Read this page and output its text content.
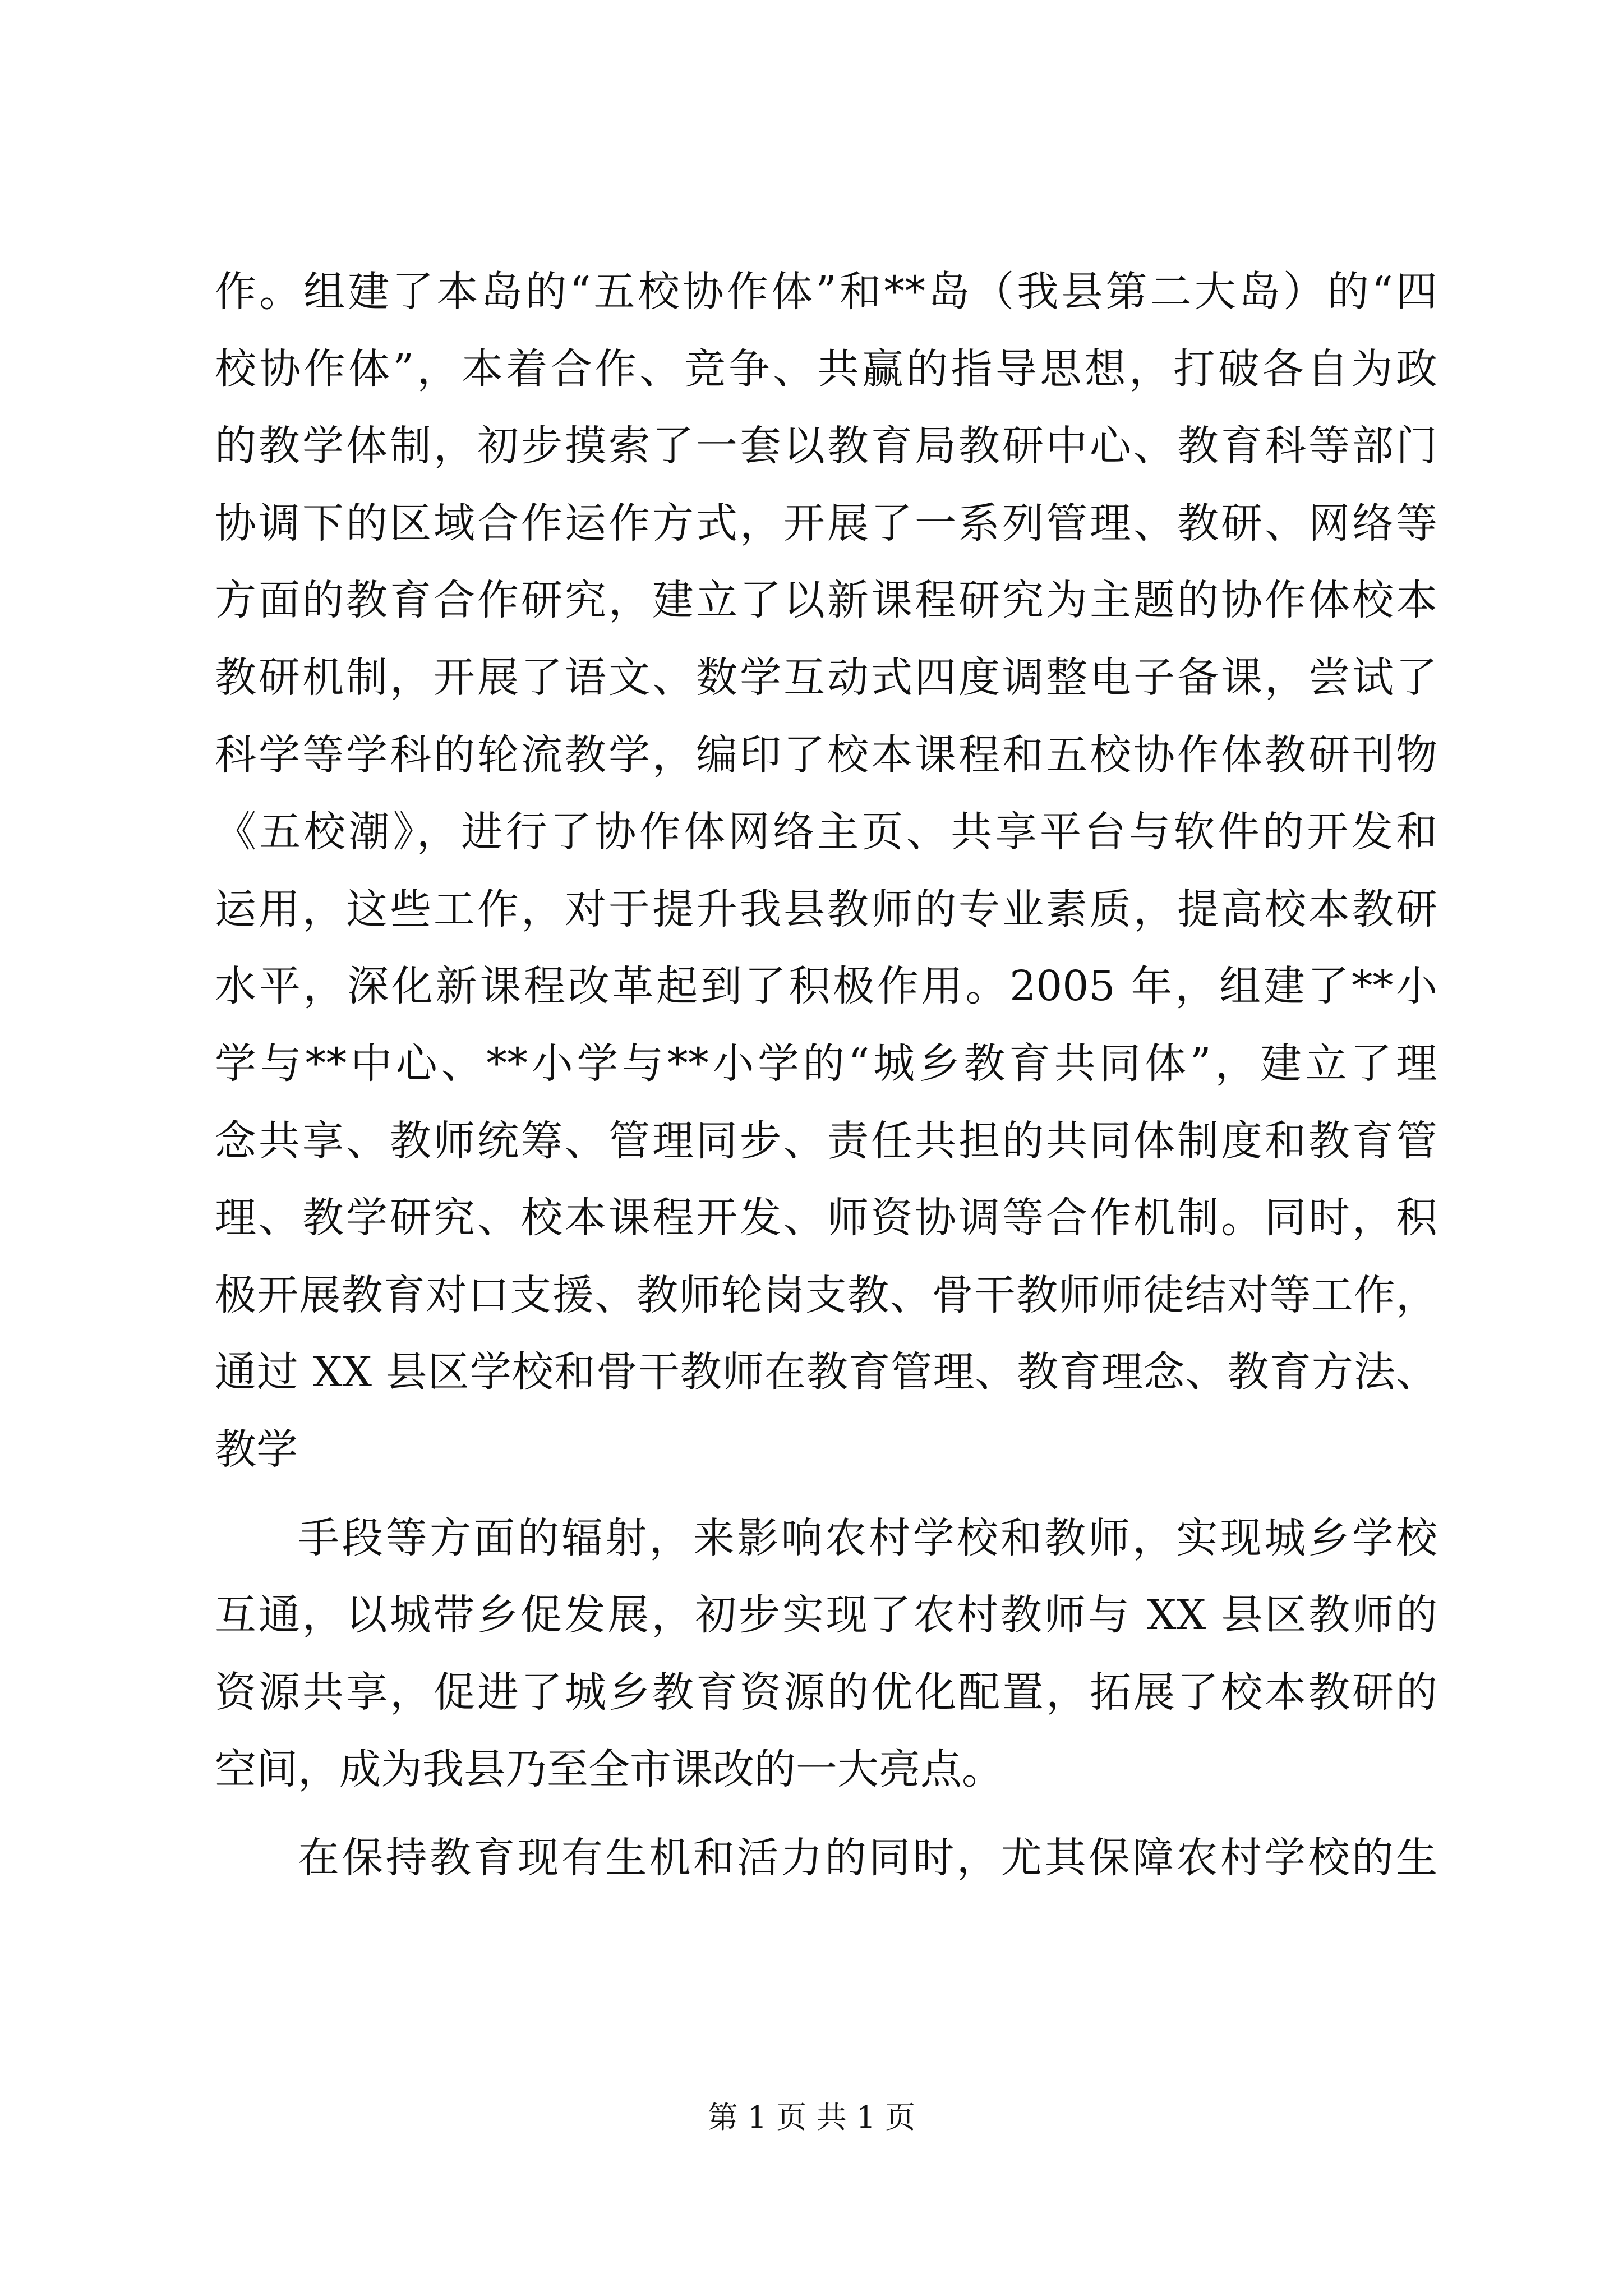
作。组建了本岛的“五校协作体”和**岛（我县第二大岛）的“四
校协作体”，本着合作、竞争、共赢的指导思想，打破各自为政
的教学体制，初步摸索了一套以教育局教研中心、教育科等部门
协调下的区域合作运作方式，开展了一系列管理、教研、网络等
方面的教育合作研究，建立了以新课程研究为主题的协作体校本
教研机制，开展了语文、数学互动式四度调整电子备课，尝试了
科学等学科的轮流教学，编印了校本课程和五校协作体教研刊物
《五校潮》，进行了协作体网络主页、共享平台与软件的开发和
运用，这些工作，对于提升我县教师的专业素质，提高校本教研
水平，深化新课程改革起到了积极作用。2005 年，组建了**小
学与**中心、**小学与**小学的“城乡教育共同体”，建立了理
念共享、教师统筹、管理同步、责任共担的共同体制度和教育管
理、教学研究、校本课程开发、师资协调等合作机制。同时，积
极开展教育对口支援、教师轮岗支教、骨干教师师徒结对等工作，
通过 XX 县区学校和骨干教师在教育管理、教育理念、教育方法、
教学
手段等方面的辐射，来影响农村学校和教师，实现城乡学校
互通，以城带乡促发展，初步实现了农村教师与 XX 县区教师的
资源共享，促进了城乡教育资源的优化配置，拓展了校本教研的
空间，成为我县乃至全市课改的一大亮点。
在保持教育现有生机和活力的同时，尤其保障农村学校的生
第 1 页 共 1 页
